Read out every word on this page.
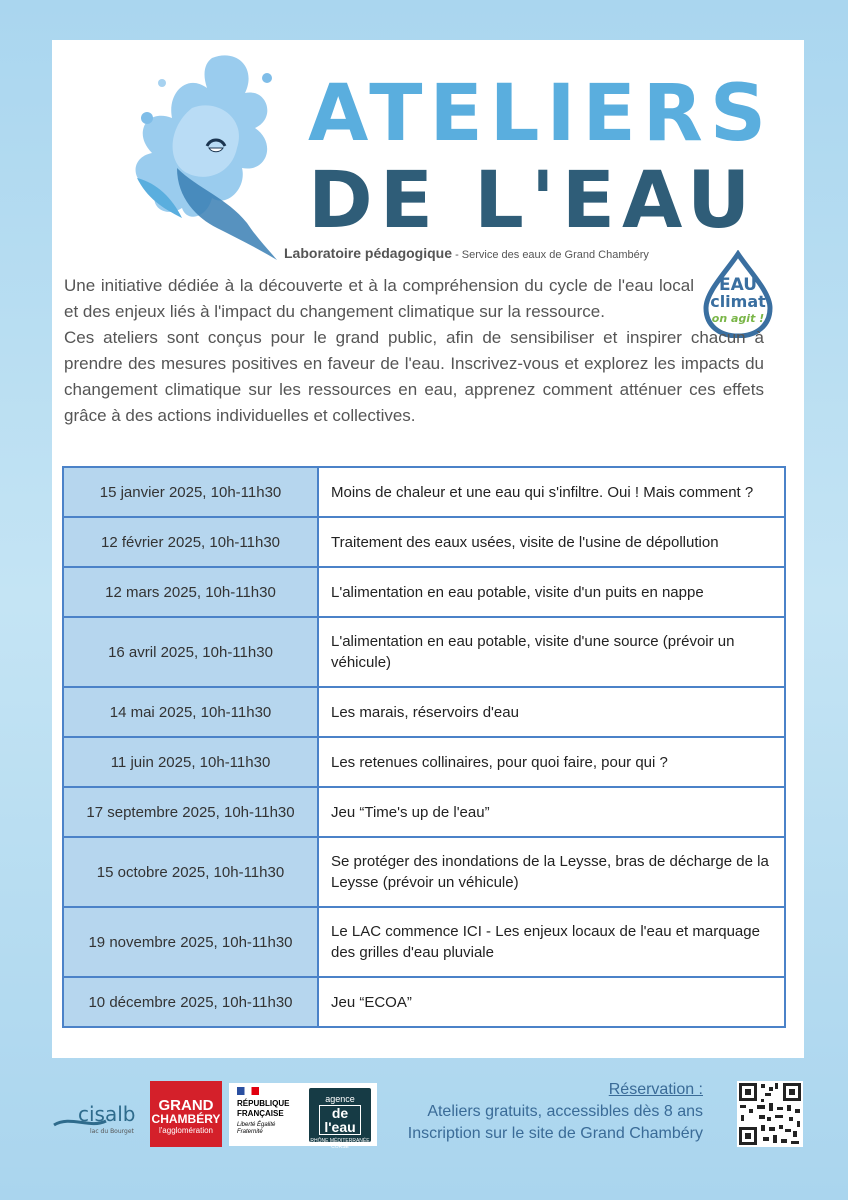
ATELIERS
DE L'EAU
Laboratoire pédagogique - Service des eaux de Grand Chambéry
EAU
climat
on agit !

Une initiative dédiée à la découverte et à la compréhension du cycle de l'eau local et des enjeux liés à l'impact du changement climatique sur la ressource.

Ces ateliers sont conçus pour le grand public, afin de sensibiliser et inspirer chacun à prendre des mesures positives en faveur de l'eau. Inscrivez-vous et explorez les impacts du changement climatique sur les ressources en eau, apprenez comment atténuer ces effets grâce à des actions individuelles et collectives.

15 janvier 2025, 10h-11h30	Moins de chaleur et une eau qui s'infiltre. Oui ! Mais comment ?
12 février 2025, 10h-11h30	Traitement des eaux usées, visite de l'usine de dépollution
12 mars 2025, 10h-11h30	L'alimentation en eau potable, visite d'un puits en nappe
16 avril 2025, 10h-11h30	L'alimentation en eau potable, visite d'une source (prévoir un véhicule)
14 mai 2025, 10h-11h30	Les marais, réservoirs d'eau
11 juin 2025, 10h-11h30	Les retenues collinaires, pour quoi faire, pour qui ?
17 septembre 2025, 10h-11h30	Jeu “Time's up de l'eau”
15 octobre 2025, 10h-11h30	Se protéger des inondations de la Leysse, bras de décharge de la Leysse (prévoir un véhicule)
19 novembre 2025, 10h-11h30	Le LAC commence ICI - Les enjeux locaux de l'eau et marquage des grilles d'eau pluviale
10 décembre 2025, 10h-11h30	Jeu “ECOA”
cisalb
lac du Bourget
GRAND
CHAMBÉRY
l'agglomération
RÉPUBLIQUE
FRANÇAISE
Liberté Égalité Fraternité
agence
de l'eau
RHÔNE MÉDITERRANÉE CORSE
Réservation :
Ateliers gratuits, accessibles dès 8 ans
Inscription sur le site de Grand Chambéry
